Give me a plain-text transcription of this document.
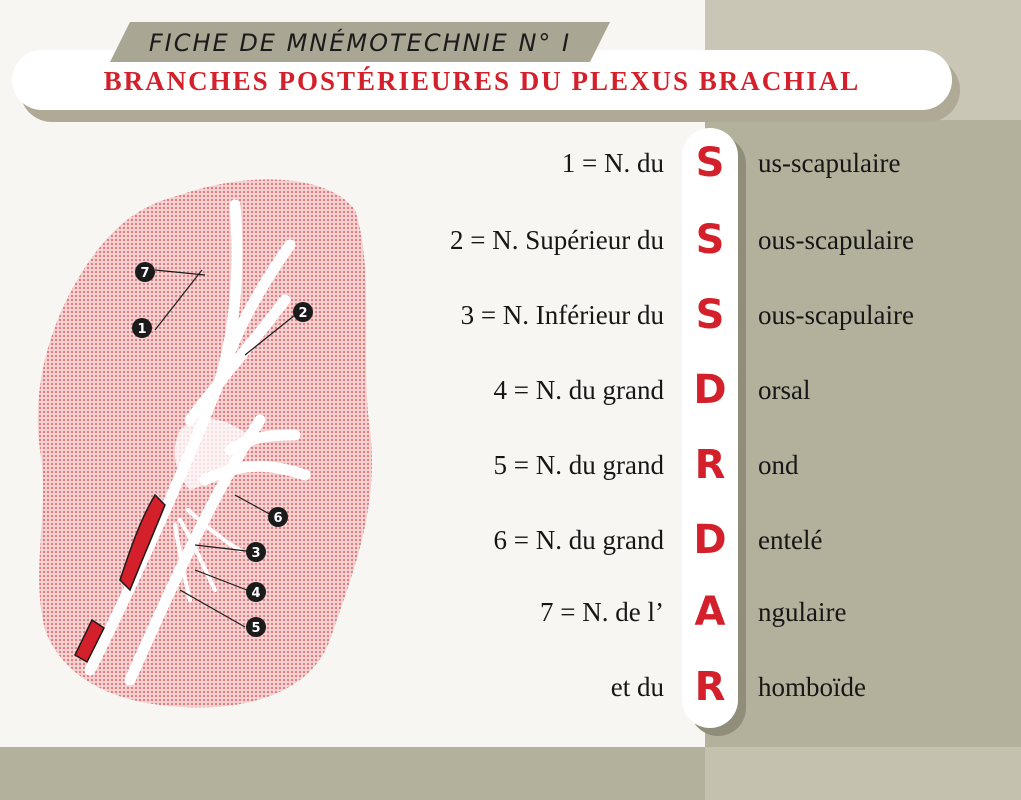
FICHE DE MNÉMOTECHNIE N° I
BRANCHES POSTÉRIEURES DU PLEXUS BRACHIAL
1 = N. du S	us-scapulaire
2 = N. Supérieur du S	ous-scapulaire
3 = N. Inférieur du S	ous-scapulaire
4 = N. du grand D	orsal
5 = N. du grand R	ond
6 = N. du grand D	entelé
7 = N. de l’ A	ngulaire
et du R	homboïde
1
2
3
4
5
6
7
